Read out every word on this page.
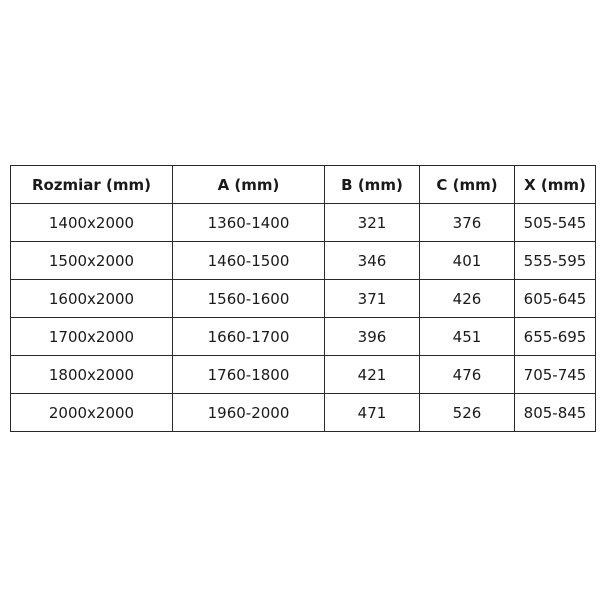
Rozmiar (mm)	A (mm)	B (mm)	C (mm)	X (mm)
1400x2000	1360-1400	321	376	505-545
1500x2000	1460-1500	346	401	555-595
1600x2000	1560-1600	371	426	605-645
1700x2000	1660-1700	396	451	655-695
1800x2000	1760-1800	421	476	705-745
2000x2000	1960-2000	471	526	805-845
